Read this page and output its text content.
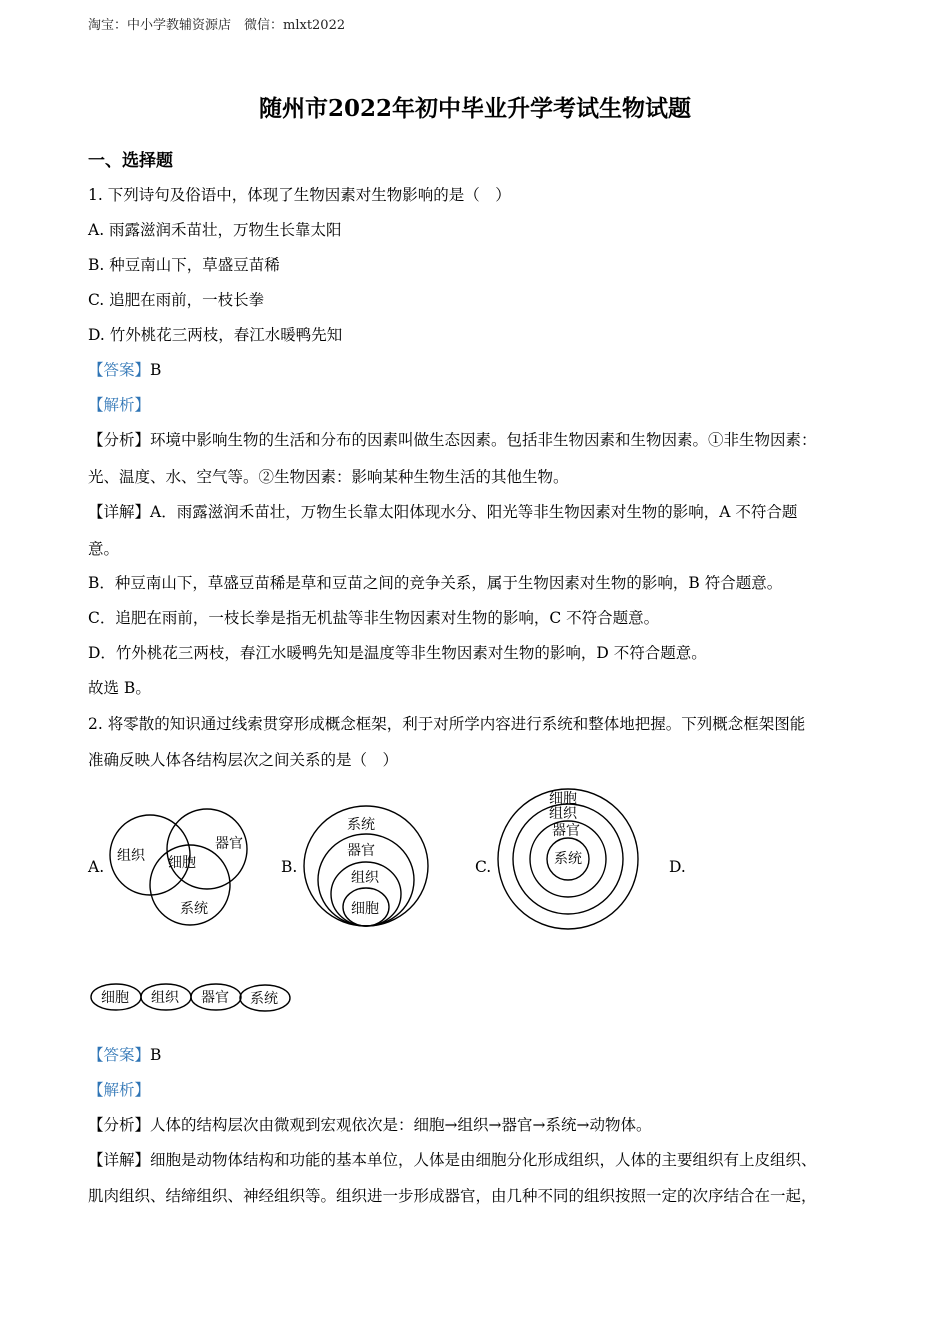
淘宝：中小学教辅资源店　微信：mlxt2022
随州市2022年初中毕业升学考试生物试题
一、选择题
1. 下列诗句及俗语中，体现了生物因素对生物影响的是（　）
A. 雨露滋润禾苗壮，万物生长靠太阳
B. 种豆南山下，草盛豆苗稀
C. 追肥在雨前，一枝长拳
D. 竹外桃花三两枝，春江水暖鸭先知
【答案】B
【解析】
【分析】环境中影响生物的生活和分布的因素叫做生态因素。包括非生物因素和生物因素。①非生物因素：
光、温度、水、空气等。②生物因素：影响某种生物生活的其他生物。
【详解】A．雨露滋润禾苗壮，万物生长靠太阳体现水分、阳光等非生物因素对生物的影响，A 不符合题
意。
B．种豆南山下，草盛豆苗稀是草和豆苗之间的竞争关系，属于生物因素对生物的影响，B 符合题意。
C．追肥在雨前，一枝长拳是指无机盐等非生物因素对生物的影响，C 不符合题意。
D．竹外桃花三两枝，春江水暖鸭先知是温度等非生物因素对生物的影响，D 不符合题意。
故选 B。
2. 将零散的知识通过线索贯穿形成概念框架，利于对所学内容进行系统和整体地把握。下列概念框架图能
准确反映人体各结构层次之间关系的是（　）
A.	B.	C.	D.
组织
器官
细胞
系统
系统
器官
组织
细胞
细胞
组织
器官
系统
细胞 组织 器官 系统
【答案】B
【解析】
【分析】人体的结构层次由微观到宏观依次是：细胞→组织→器官→系统→动物体。
【详解】细胞是动物体结构和功能的基本单位，人体是由细胞分化形成组织，人体的主要组织有上皮组织、
肌肉组织、结缔组织、神经组织等。组织进一步形成器官，由几种不同的组织按照一定的次序结合在一起，
